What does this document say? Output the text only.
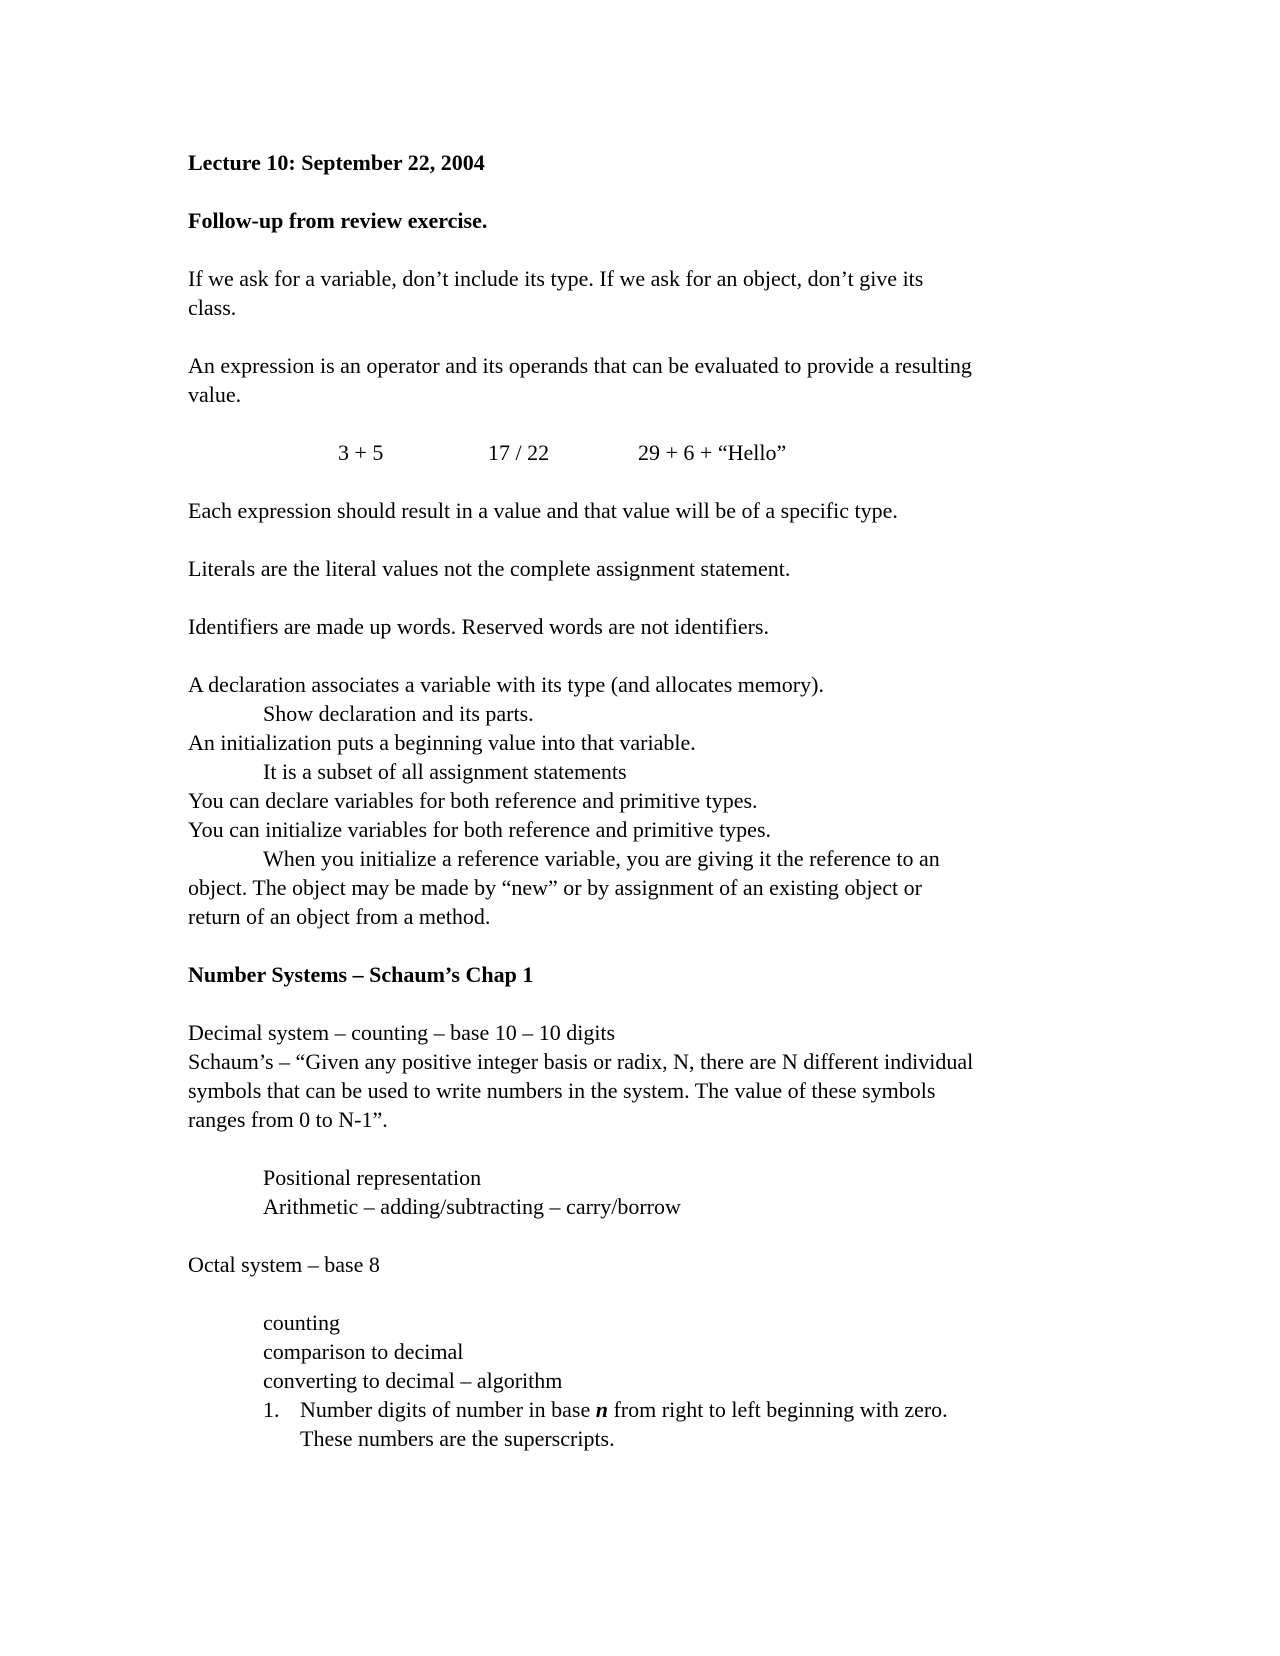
Lecture 10: September 22, 2004
Follow-up from review exercise.
If we ask for a variable, don’t include its type. If we ask for an object, don’t give its
class.
An expression is an operator and its operands that can be evaluated to provide a resulting
value.
3 + 5	17 / 22	29 + 6 + “Hello”
Each expression should result in a value and that value will be of a specific type.
Literals are the literal values not the complete assignment statement.
Identifiers are made up words. Reserved words are not identifiers.
A declaration associates a variable with its type (and allocates memory).
Show declaration and its parts.
An initialization puts a beginning value into that variable.
It is a subset of all assignment statements
You can declare variables for both reference and primitive types.
You can initialize variables for both reference and primitive types.
When you initialize a reference variable, you are giving it the reference to an
object. The object may be made by “new” or by assignment of an existing object or
return of an object from a method.
Number Systems – Schaum’s Chap 1
Decimal system – counting – base 10 – 10 digits
Schaum’s – “Given any positive integer basis or radix, N, there are N different individual
symbols that can be used to write numbers in the system. The value of these symbols
ranges from 0 to N-1”.
Positional representation
Arithmetic – adding/subtracting – carry/borrow
Octal system – base 8
counting
comparison to decimal
converting to decimal – algorithm
1. Number digits of number in base n from right to left beginning with zero.
These numbers are the superscripts.
